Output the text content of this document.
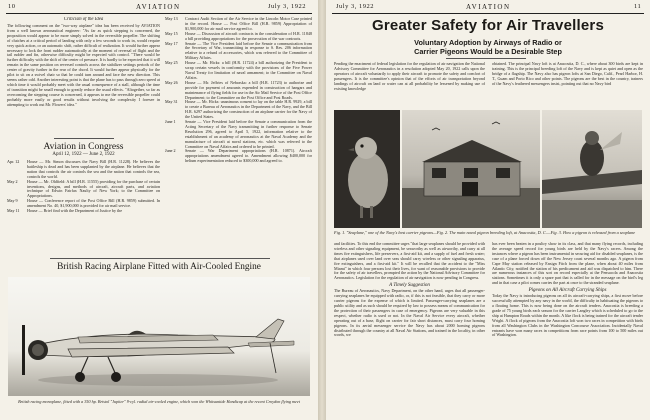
10	AVIATION	July 3, 1922
Criticism of the Idea
The following comment on the "two-way airplane" idea has been received by AVIATION from a well known aeronautical engineer: "As far as quick stepping is concerned, the proposition would appear to be more simply solved in the reversible propeller. The shifting of clutches at a critical period of landing with only a few seconds to work in, would require very quick action, or an automatic shift, rather difficult of realization. It would further appear necessary to lock the front rudder automatically at the moment of reversal of flight and the tail rudder and fin, otherwise difficulty might be expected with control. "There would be further difficulty with the shift of the center of pressure. It is hardly to be expected that it will remain in the same position on reversed controls across the stabilizer settings periods of the center of gravity further in the rear of the chord. It would further appear physically for the pilot to sit on a swivel chair so that he could turn around and face the new direction. This seems rather odd. Another interesting point is that the plane has to pass through zero speed at which time it would probably meet with the usual consequence of a stall, although the time of transition might be small enough to greatly reduce the usual effects. "Altogether, so far as overcoming the stepping course is concerned, it appears to me the reversible propeller could probably more easily or good results without involving the complexity I foresee in attempting to work out Mr. Flowers' idea."
Aviation in Congress
April 12, 1922 — June 2, 1922
Apr. 12	House — Mr. Simon discusses the Navy Bill (H.R. 11228). He believes the battleship is dead and has been supplanted by the airplane. He believes that the nation that controls the air controls the sea and the nation that controls the sea, controls the world.
May 2	House — Mr. Oldfield: A bill (H.R. 11555) providing for the purchase of certain inventions, designs, and methods of aircraft, aircraft parts, and aviation technique of Edwin Fairfax Naulty of New York; to the Committee on Appropriations.
May 9	House — Conference report of the Post Office Bill (H.R. 9859) submitted. In amendment No. 40, $1,900,000 is provided for air mail service.
May 11	House — Brief find with the Department of Justice by the
May 13	Contract Audit Section of the Air Service in the Lincoln Motor Case printed in the record. House — Post Office Bill (H.R. 9859) Appropriation of $1,900,000 for air mail service agreed to.
May 15	House — Discussion of aircraft contracts in the consideration of H.R. 11848 a bill providing appropriations for the prosecution of the war contracts.
May 17	Senate — The Vice President laid before the Senate a communication from the Secretary of War, transmitting in response to S. Res. 206 information relative to a refund of accessories, which was referred to the Committee of Military Affairs.
May 25	House — Mr. Hicks: a bill (H.R. 11724) a bill authorizing the President to scrap certain vessels in conformity with the provisions of the Five Power Naval Treaty for limitation of naval armament; to the Committee on Naval Affairs.
May 26	House — Mr. Jeffries of Nebraska: a bill (H.R. 11723) to authorize and provide for payment of amounts expended in construction of hangars and maintenance of flying fields for use in the Air Mail Service of the Post Office Department; to the Committee on the Post Office and Post Roads.
May 31	House — Mr. Hicks: unanimous consent to lay on the table H.R. 9929, a bill to create a Bureau of Aeronautics in the Department of the Navy, and the Bill H.R. 6297 authorizing the construction of an airplane carrier for the Navy of the United States.
June 1	Senate — Vice President laid before the Senate a communication from the Acting Secretary of the Navy transmitting in further response to Senate Resolution 296, agreed to April 5, 1922, information relative to the establishment of an academy of aeronautics at the Naval Academy and the manufacture of aircraft at naval stations, etc. which was referred to the Committee on Naval Affairs and ordered to be printed.
June 2	Senate — War Department appropriations (H.R. 10871). Aircraft appropriations amendment agreed to. Amendment allowing $400,000 for helium experimentation reduced to $300,000 and agreed to.
British Racing Airplane Fitted with Air-Cooled Engine
British racing monoplane, fitted with a 350 hp. Bristol "Jupiter" 9-cyl. radial air-cooled engine, which won the Whitsuntide Handicap at the recent Croydon flying meet
July 3, 1922	AVIATION	11
Greater Safety for Air Travellers
Voluntary Adoption by Airways of Radio or
Carrier Pigeons Would be a Desirable Step
Pending the enactment of federal legislation for the regulation of air navigation the National Advisory Committee for Aeronautics in a resolution adopted May 20, 1922 calls upon the operators of aircraft voluntarily to apply their aircraft to promote the safety and comfort of passengers. It is the committee's opinion that of the efforts of air transportation beyond landings of aircraft on land or water can at all probability be lessened by making use of existing knowledge
obtained. The principal Navy loft is at Anacostia, D. C., where about 300 birds are kept in training. This is the principal breeding loft of the Navy and is kept as quiet and open as the bridge of a flagship. The Navy also has pigeon lofts at San Diego, Calif., Pearl Harbor, H. T., Guam and Porto Rico and other points. The pigeons are the best in the country, trainers of the Navy's feathered messengers insist, pointing out that no Navy bird
Fig. 1. "Seaplane," one of the Navy's best carrier pigeons—Fig. 2. The main naval pigeon breeding loft, at Anacostia, D. C.—Fig. 3. How a pigeon is released from a seaplane
and facilities. To this end the committee urges "that large seaplanes should be provided with wireless and other signaling equipment, be seaworthy as well as airworthy, and carry at all times fire extinguishers, life preservers, a first-aid kit, and a supply of fuel and fresh water; that airplanes used over land over seas should carry wireless or other signaling apparatus, fire extinguishers, and a first-aid kit." It will be recalled that the accident to the "Miss Miami" in which four persons lost their lives, for want of reasonable provisions to provide for the safety of air travellers, prompted the action by the National Advisory Committee for Aeronautics. Legislation for the regulation of air navigation is now pending in Congress.
A Timely Suggestion
The Bureau of Aeronautics, Navy Department, on the other hand, urges that all passenger-carrying seaplanes be equipped with radio, or, if this is not feasible, that they carry or more carrier pigeons for the expense of which is limited. Passenger-carrying seaplanes are a public utility and as such should be required by law to possess means of communication for the protection of their passengers in case of emergency. Pigeons are very valuable in this respect, whether radio is used or not. In the Naval Air Service every aircraft, whether operating out of a base, flight on carrier for fair short distances, must carry four homing pigeons. In its aerial messenger service the Navy has about 2000 homing pigeons distributed through the country at all Naval Air Stations, and trained in the locality, in other words, we
has ever been beaten in a poultry show in its class, and that many flying records, including the average speed record for young birds are held by the Navy's racers. Among the instances where a pigeon has been instrumental in securing aid for disabled seaplanes, is the case of a plane forced down off the New Jersey coast several months ago. A pigeon from Cape May station released by Ensign Fitch from the plane, when about 40 miles from Atlantic City, notified the station of his predicament and aid was dispatched to him. There are numerous instances of this sort on record especially at the Pensacola and Anacostia stations. Sometimes it is only a spare part that is called for in the message on the bird's leg and in that case a pilot comes carries the part at once to the stranded seaplane.
Pigeons on All Aircraft Carrying Ships
Today the Navy is introducing pigeons on all its aircraft-carrying ships, a first move before successfully attempted by any navy in the world, the difficulty in habituating the pigeons to a floating home. This is now being done on the aircraft tenders. Anacostia is breeding a grade of 75 young birds each season for the carrier Langley which is scheduled to go to the ship at Hampton Roads within the month. A like flock is being trained for the aircraft tender Wright. A flock of pigeons from the Anacostia loft won two races in competition with birds from all Washington Clubs in the Washington Concourse Association. Incidentally Naval entrants have won many races in competitions from race points from 100 to 500 miles out of Washington.
